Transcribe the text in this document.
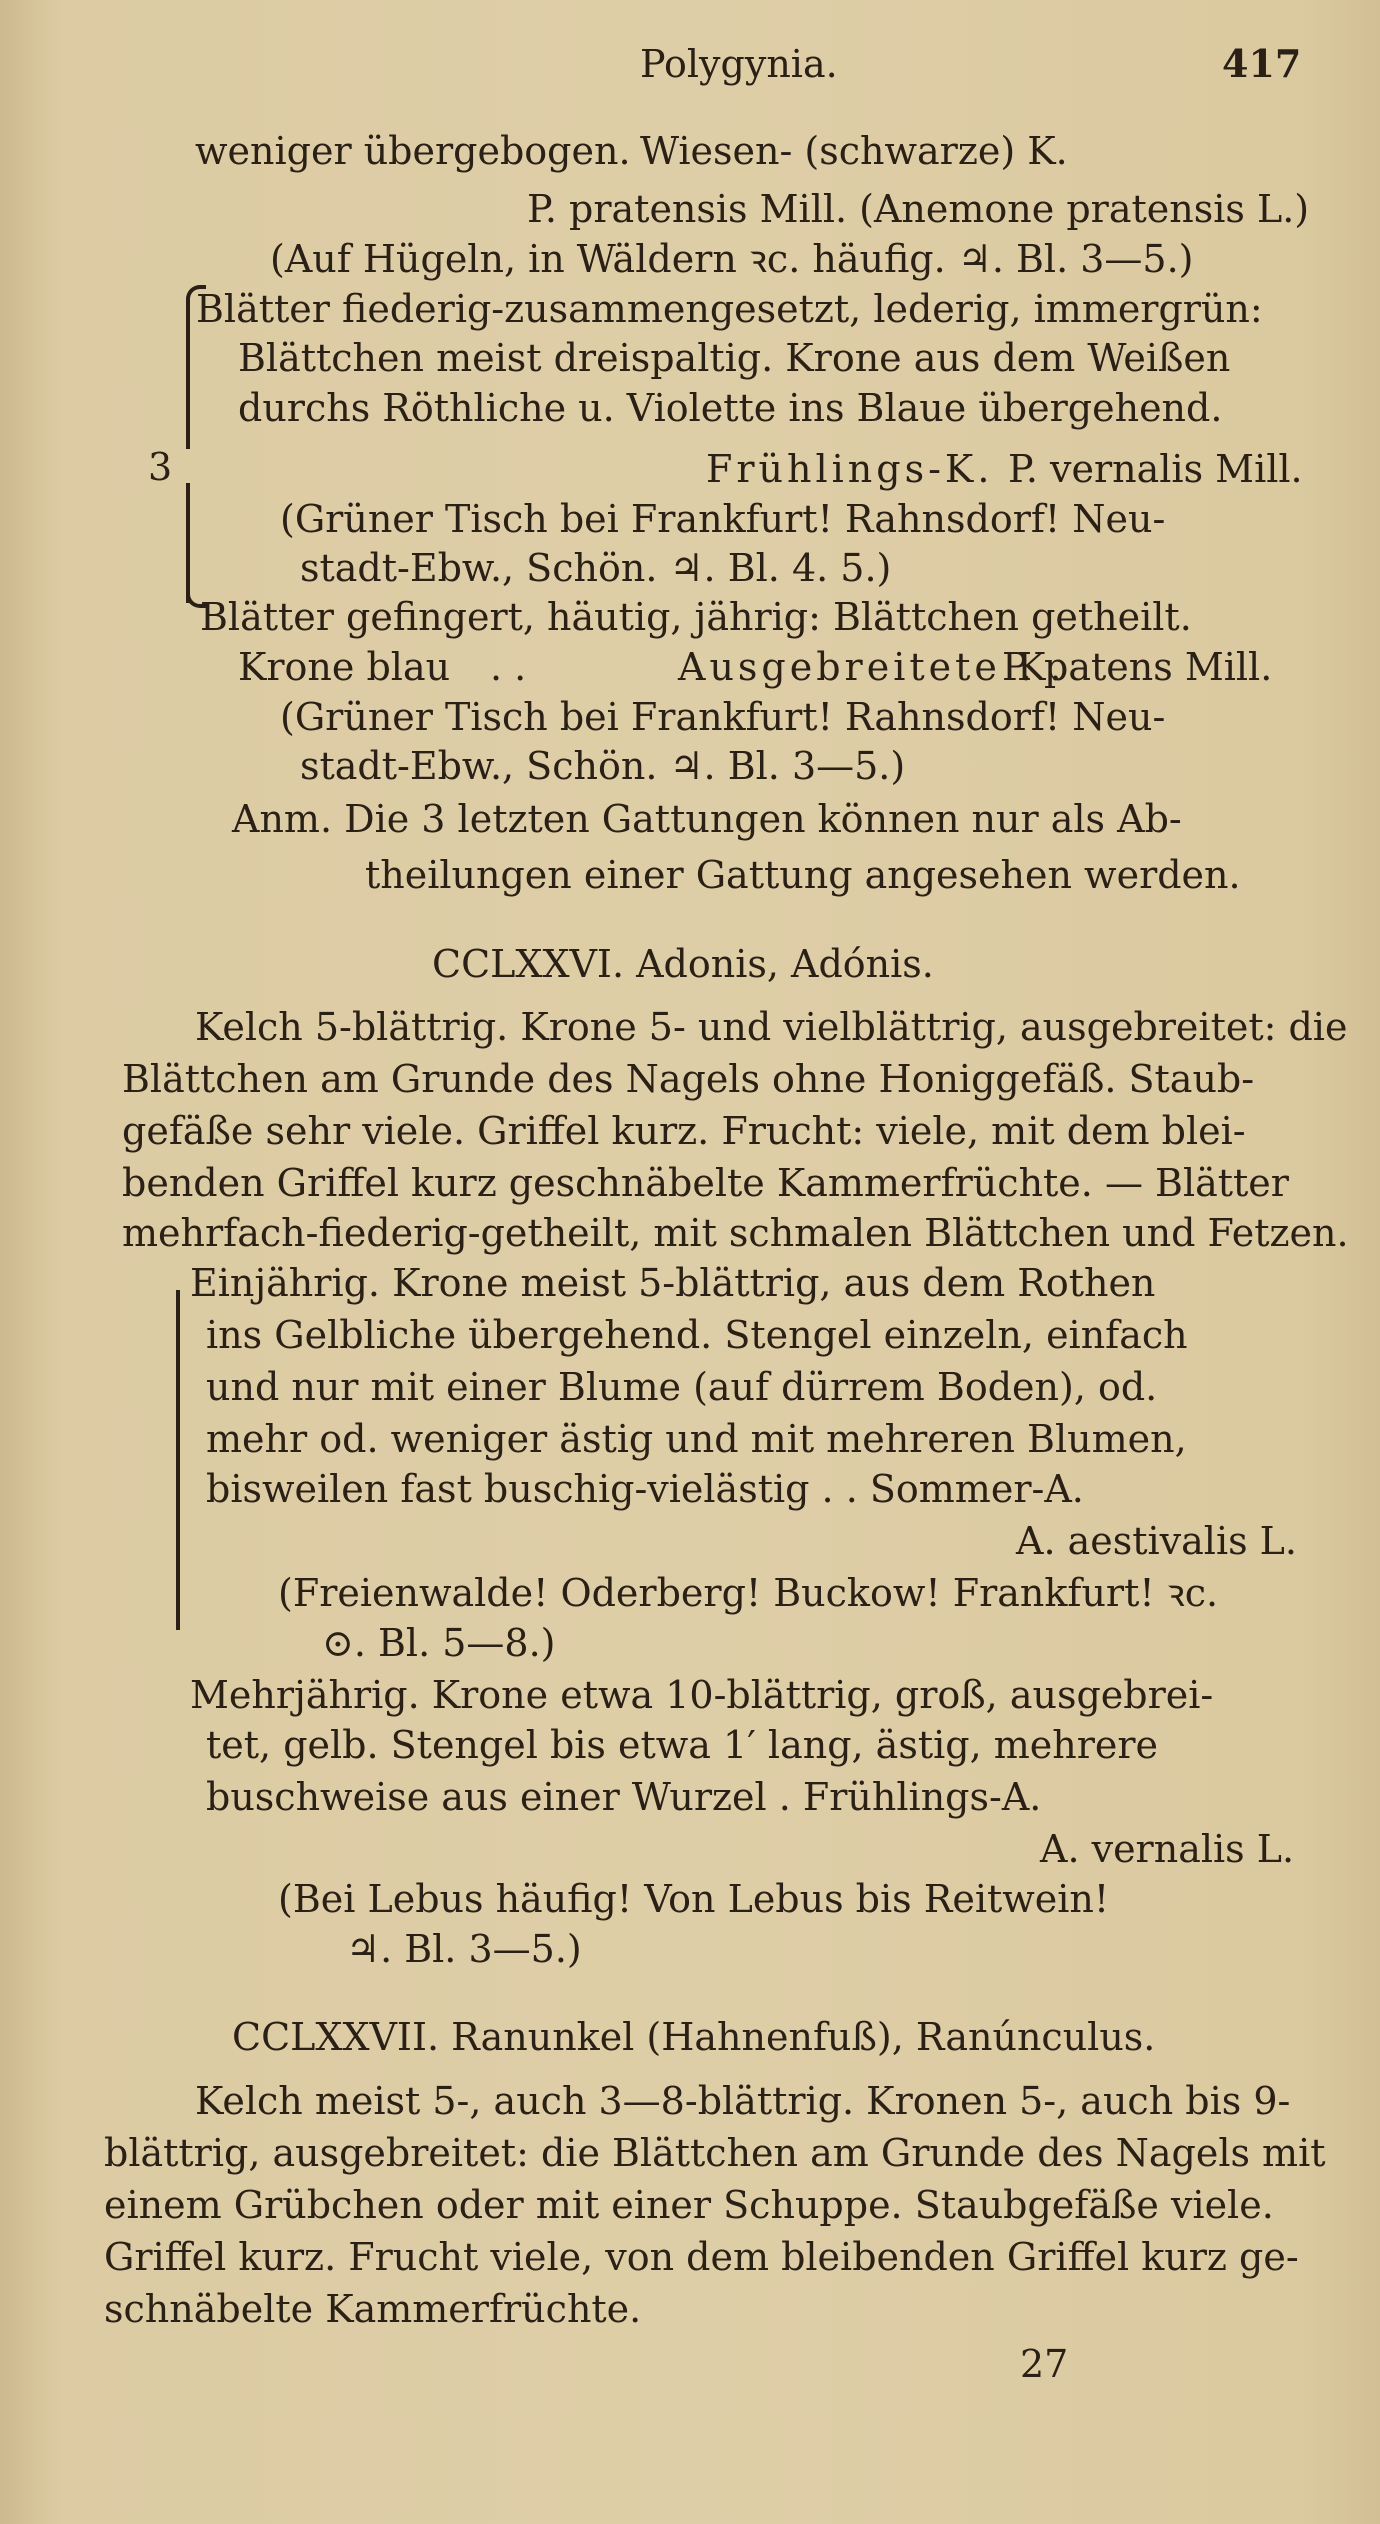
Polygynia.	417
weniger übergebogen. Wiesen- (schwarze) K.
P. pratensis Mill. (Anemone pratensis L.)
(Auf Hügeln, in Wäldern ꝛc. häufig. ♃. Bl. 3—5.)
3
Blätter fiederig-zusammengesetzt, lederig, immergrün:
Blättchen meist dreispaltig. Krone aus dem Weißen
durchs Röthliche u. Violette ins Blaue übergehend.
Frühlings-K. P. vernalis Mill.
(Grüner Tisch bei Frankfurt! Rahnsdorf! Neu-
stadt-Ebw., Schön. ♃. Bl. 4. 5.)
Blätter gefingert, häutig, jährig: Blättchen getheilt.
Krone blau . .	Ausgebreitete K.
P. patens Mill.
(Grüner Tisch bei Frankfurt! Rahnsdorf! Neu-
stadt-Ebw., Schön. ♃. Bl. 3—5.)
Anm. Die 3 letzten Gattungen können nur als Ab-
theilungen einer Gattung angesehen werden.
CCLXXVI. Adonis, Adónis.
Kelch 5-blättrig. Krone 5- und vielblättrig, ausgebreitet: die
Blättchen am Grunde des Nagels ohne Honiggefäß. Staub-
gefäße sehr viele. Griffel kurz. Frucht: viele, mit dem blei-
benden Griffel kurz geschnäbelte Kammerfrüchte. — Blätter
mehrfach-fiederig-getheilt, mit schmalen Blättchen und Fetzen.
Einjährig. Krone meist 5-blättrig, aus dem Rothen
ins Gelbliche übergehend. Stengel einzeln, einfach
und nur mit einer Blume (auf dürrem Boden), od.
mehr od. weniger ästig und mit mehreren Blumen,
bisweilen fast buschig-vielästig . . Sommer-A.
A. aestivalis L.
(Freienwalde! Oderberg! Buckow! Frankfurt! ꝛc.
⊙. Bl. 5—8.)
Mehrjährig. Krone etwa 10-blättrig, groß, ausgebrei-
tet, gelb. Stengel bis etwa 1′ lang, ästig, mehrere
buschweise aus einer Wurzel . Frühlings-A.
A. vernalis L.
(Bei Lebus häufig! Von Lebus bis Reitwein!
♃. Bl. 3—5.)
CCLXXVII. Ranunkel (Hahnenfuß), Ranúnculus.
Kelch meist 5-, auch 3—8-blättrig. Kronen 5-, auch bis 9-
blättrig, ausgebreitet: die Blättchen am Grunde des Nagels mit
einem Grübchen oder mit einer Schuppe. Staubgefäße viele.
Griffel kurz. Frucht viele, von dem bleibenden Griffel kurz ge-
schnäbelte Kammerfrüchte.
27
